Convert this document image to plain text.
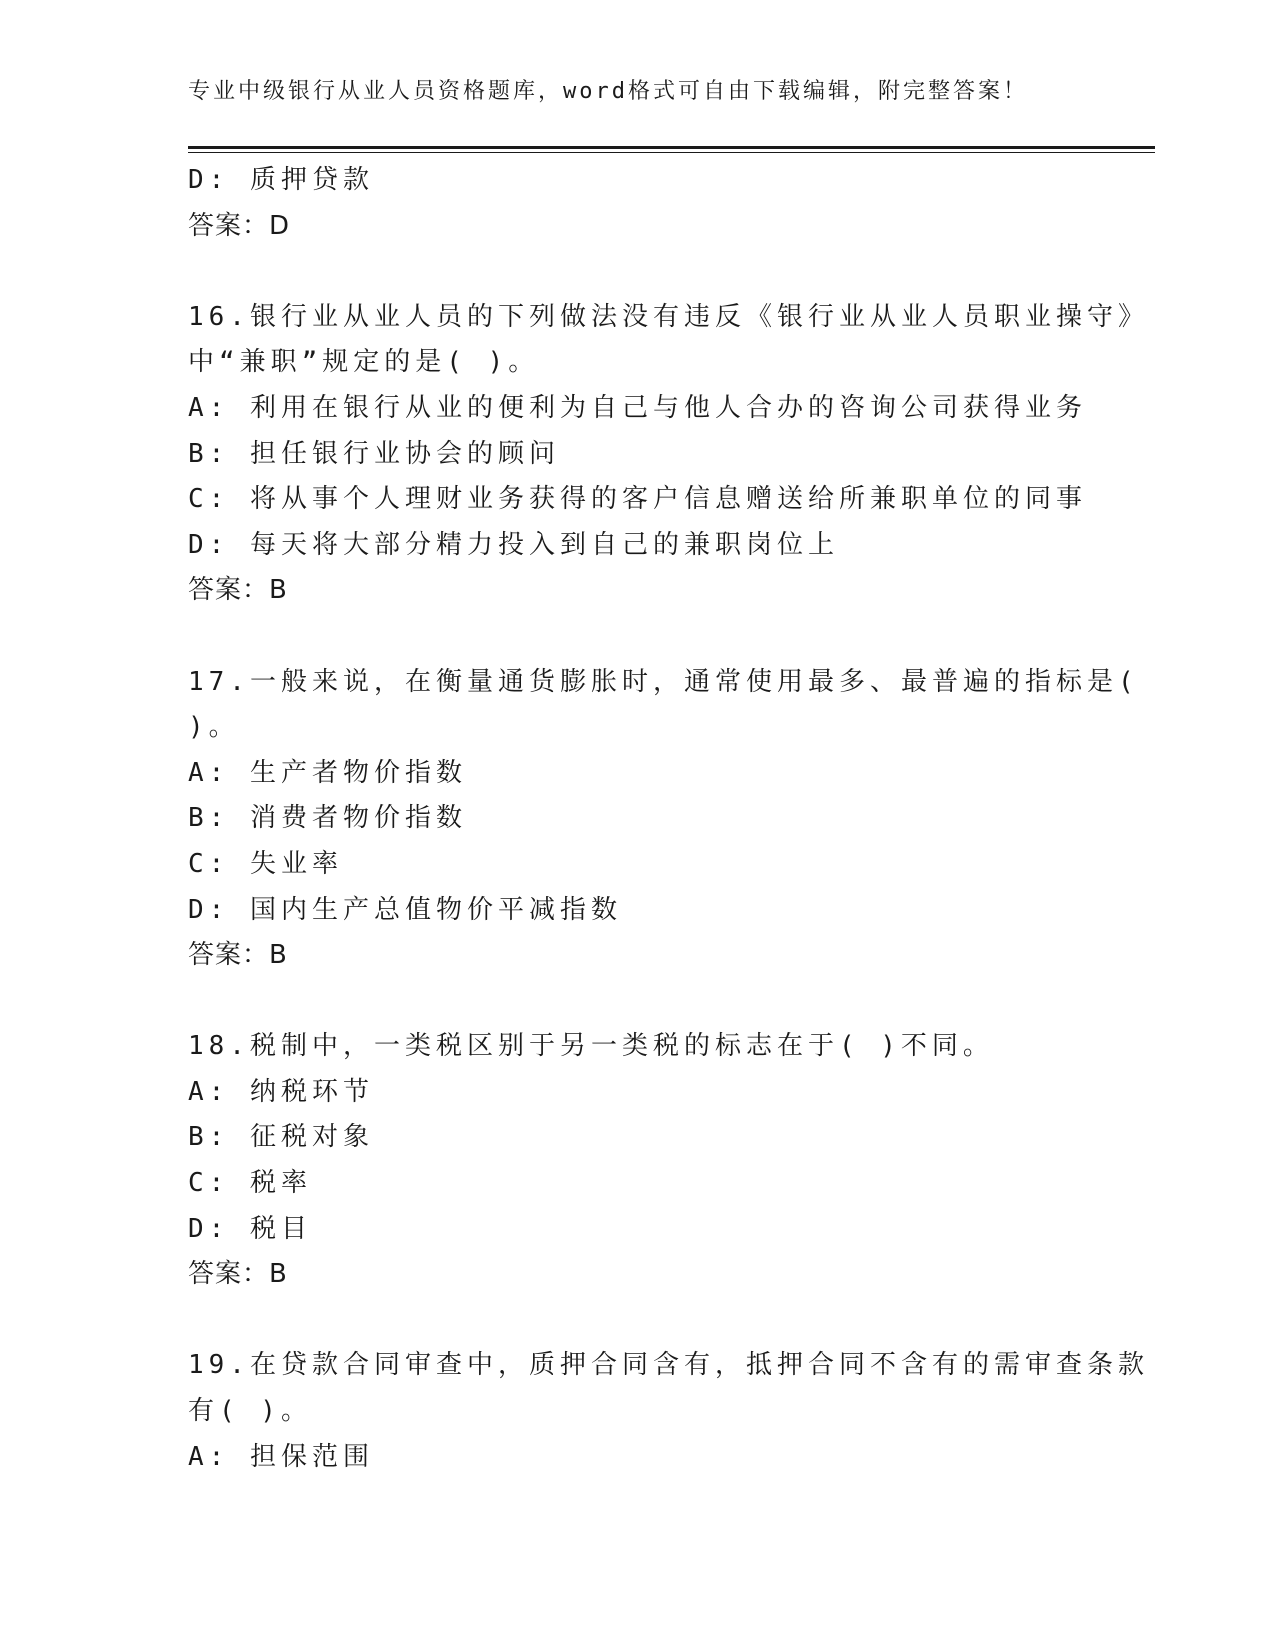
专业中级银行从业人员资格题库，word格式可自由下载编辑，附完整答案！
D: 质押贷款
答案：D
16.银行业从业人员的下列做法没有违反《银行业从业人员职业操守》
中“兼职”规定的是( )。
A: 利用在银行从业的便利为自己与他人合办的咨询公司获得业务
B: 担任银行业协会的顾问
C: 将从事个人理财业务获得的客户信息赠送给所兼职单位的同事
D: 每天将大部分精力投入到自己的兼职岗位上
答案：B
17.一般来说，在衡量通货膨胀时，通常使用最多、最普遍的指标是(
)。
A: 生产者物价指数
B: 消费者物价指数
C: 失业率
D: 国内生产总值物价平减指数
答案：B
18.税制中，一类税区别于另一类税的标志在于( )不同。
A: 纳税环节
B: 征税对象
C: 税率
D: 税目
答案：B
19.在贷款合同审查中，质押合同含有，抵押合同不含有的需审查条款
有( )。
A: 担保范围
